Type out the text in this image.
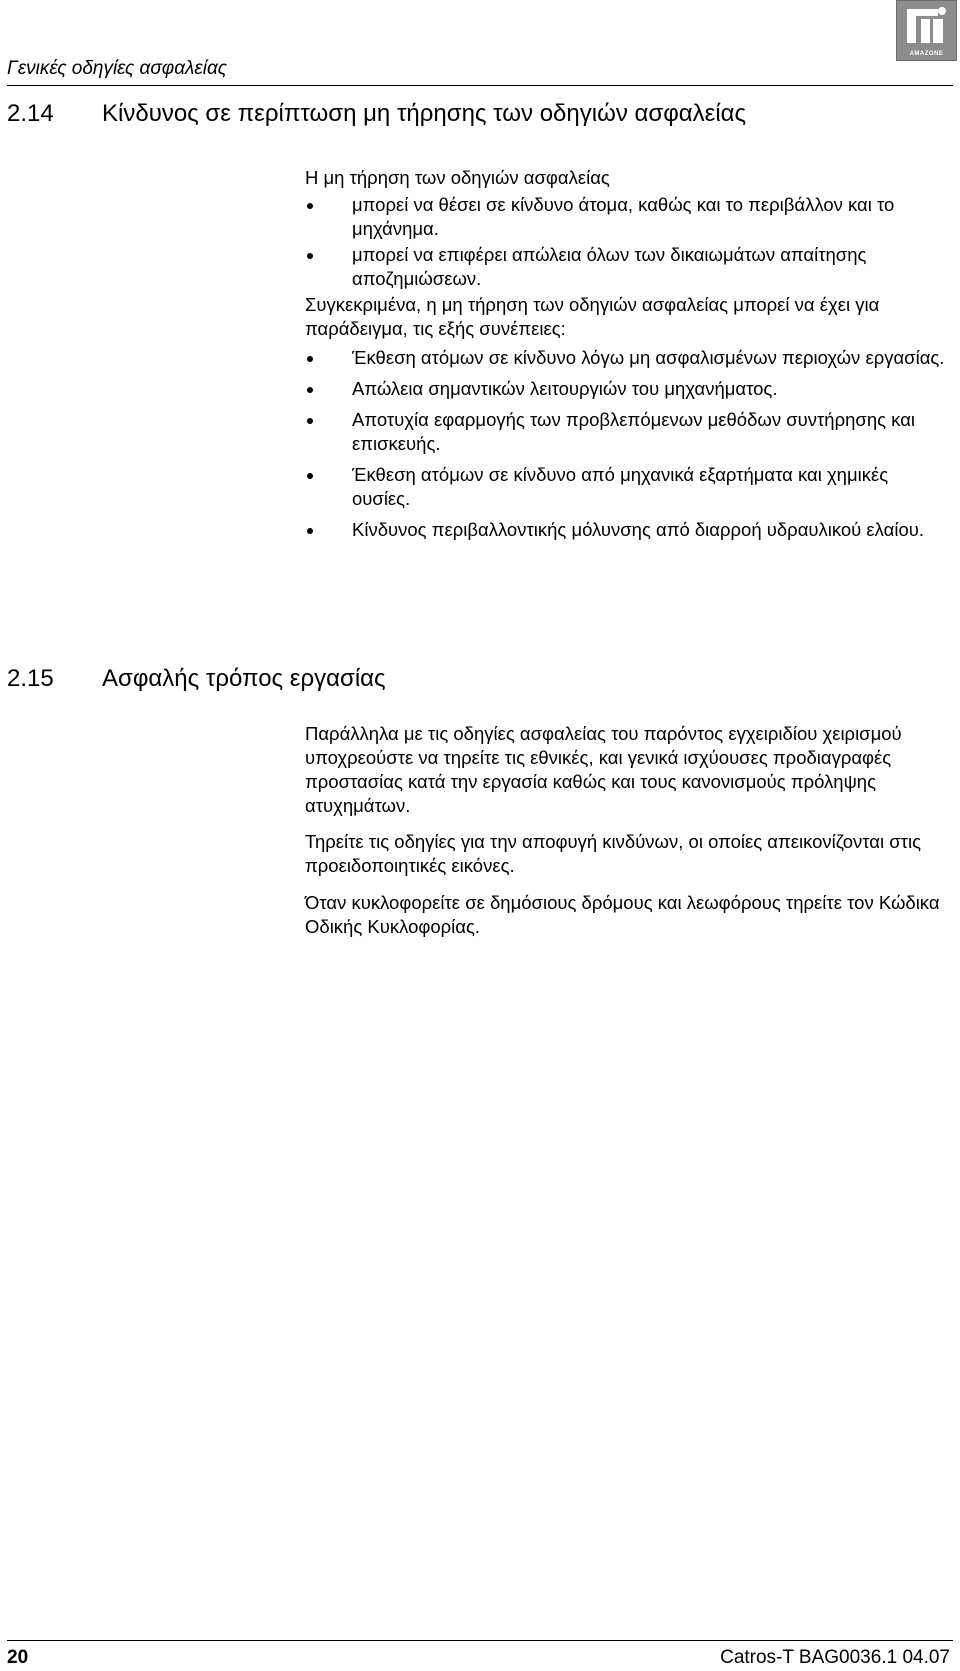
Γενικές οδηγίες ασφαλείας
AMAZONE
2.14 Κίνδυνος σε περίπτωση μη τήρησης των οδηγιών ασφαλείας

Η μη τήρηση των οδηγιών ασφαλείας

μπορεί να θέσει σε κίνδυνο άτομα, καθώς και το περιβάλλον και το μηχάνημα.
μπορεί να επιφέρει απώλεια όλων των δικαιωμάτων απαίτησης αποζημιώσεων.

Συγκεκριμένα, η μη τήρηση των οδηγιών ασφαλείας μπορεί να έχει για παράδειγμα, τις εξής συνέπειες:

Έκθεση ατόμων σε κίνδυνο λόγω μη ασφαλισμένων περιοχών εργασίας.
Απώλεια σημαντικών λειτουργιών του μηχανήματος.
Αποτυχία εφαρμογής των προβλεπόμενων μεθόδων συντήρησης και επισκευής.
Έκθεση ατόμων σε κίνδυνο από μηχανικά εξαρτήματα και χημικές ουσίες.
Κίνδυνος περιβαλλοντικής μόλυνσης από διαρροή υδραυλικού ελαίου.
2.15 Ασφαλής τρόπος εργασίας

Παράλληλα με τις οδηγίες ασφαλείας του παρόντος εγχειριδίου χειρισμού υποχρεούστε να τηρείτε τις εθνικές, και γενικά ισχύουσες προδιαγραφές προστασίας κατά την εργασία καθώς και τους κανονισμούς πρόληψης ατυχημάτων.

Τηρείτε τις οδηγίες για την αποφυγή κινδύνων, οι οποίες απεικονίζονται στις προειδοποιητικές εικόνες.

Όταν κυκλοφορείτε σε δημόσιους δρόμους και λεωφόρους τηρείτε τον Κώδικα Οδικής Κυκλοφορίας.

20	Catros-T BAG0036.1 04.07
